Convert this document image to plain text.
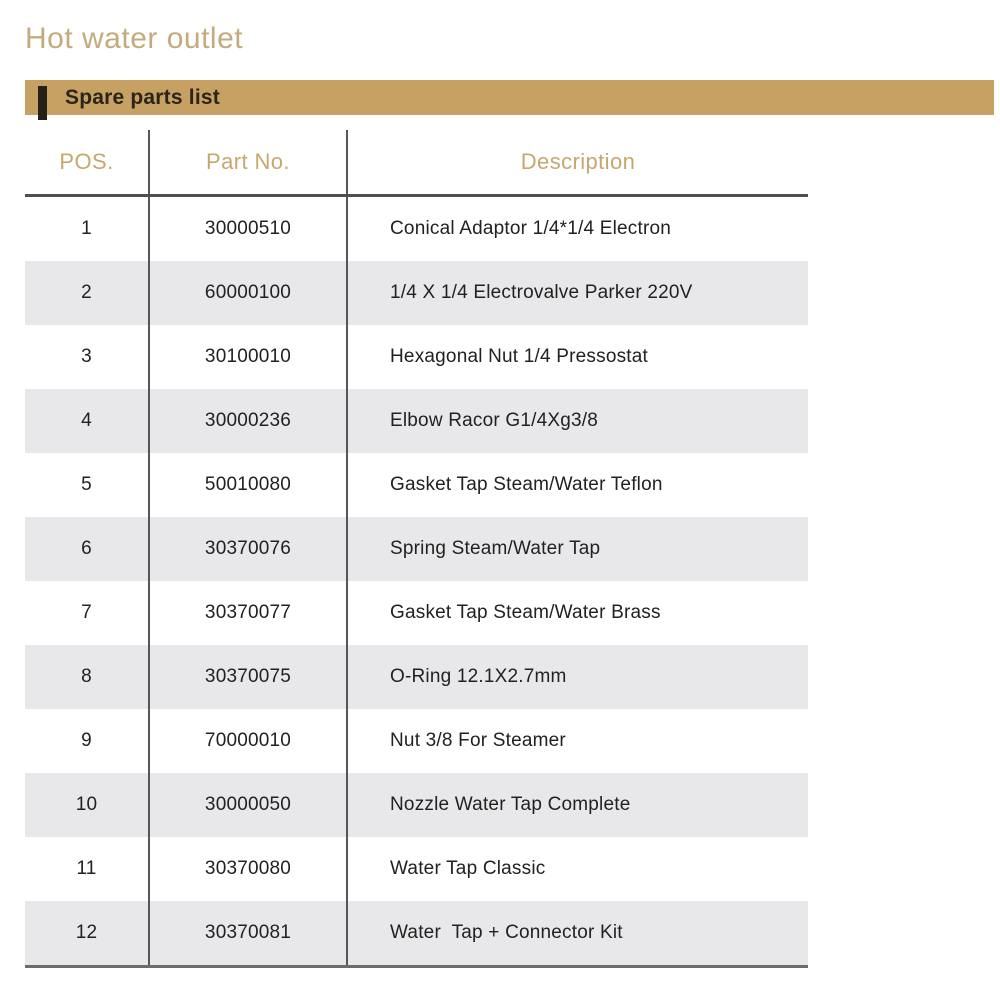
Hot water outlet
Spare parts list
POS.	Part No.	Description
1	30000510	Conical Adaptor 1/4*1/4 Electron
2	60000100	1/4 X 1/4 Electrovalve Parker 220V
3	30100010	Hexagonal Nut 1/4 Pressostat
4	30000236	Elbow Racor G1/4Xg3/8
5	50010080	Gasket Tap Steam/Water Teflon
6	30370076	Spring Steam/Water Tap
7	30370077	Gasket Tap Steam/Water Brass
8	30370075	O-Ring 12.1X2.7mm
9	70000010	Nut 3/8 For Steamer
10	30000050	Nozzle Water Tap Complete
11	30370080	Water Tap Classic
12	30370081	Water  Tap + Connector Kit
